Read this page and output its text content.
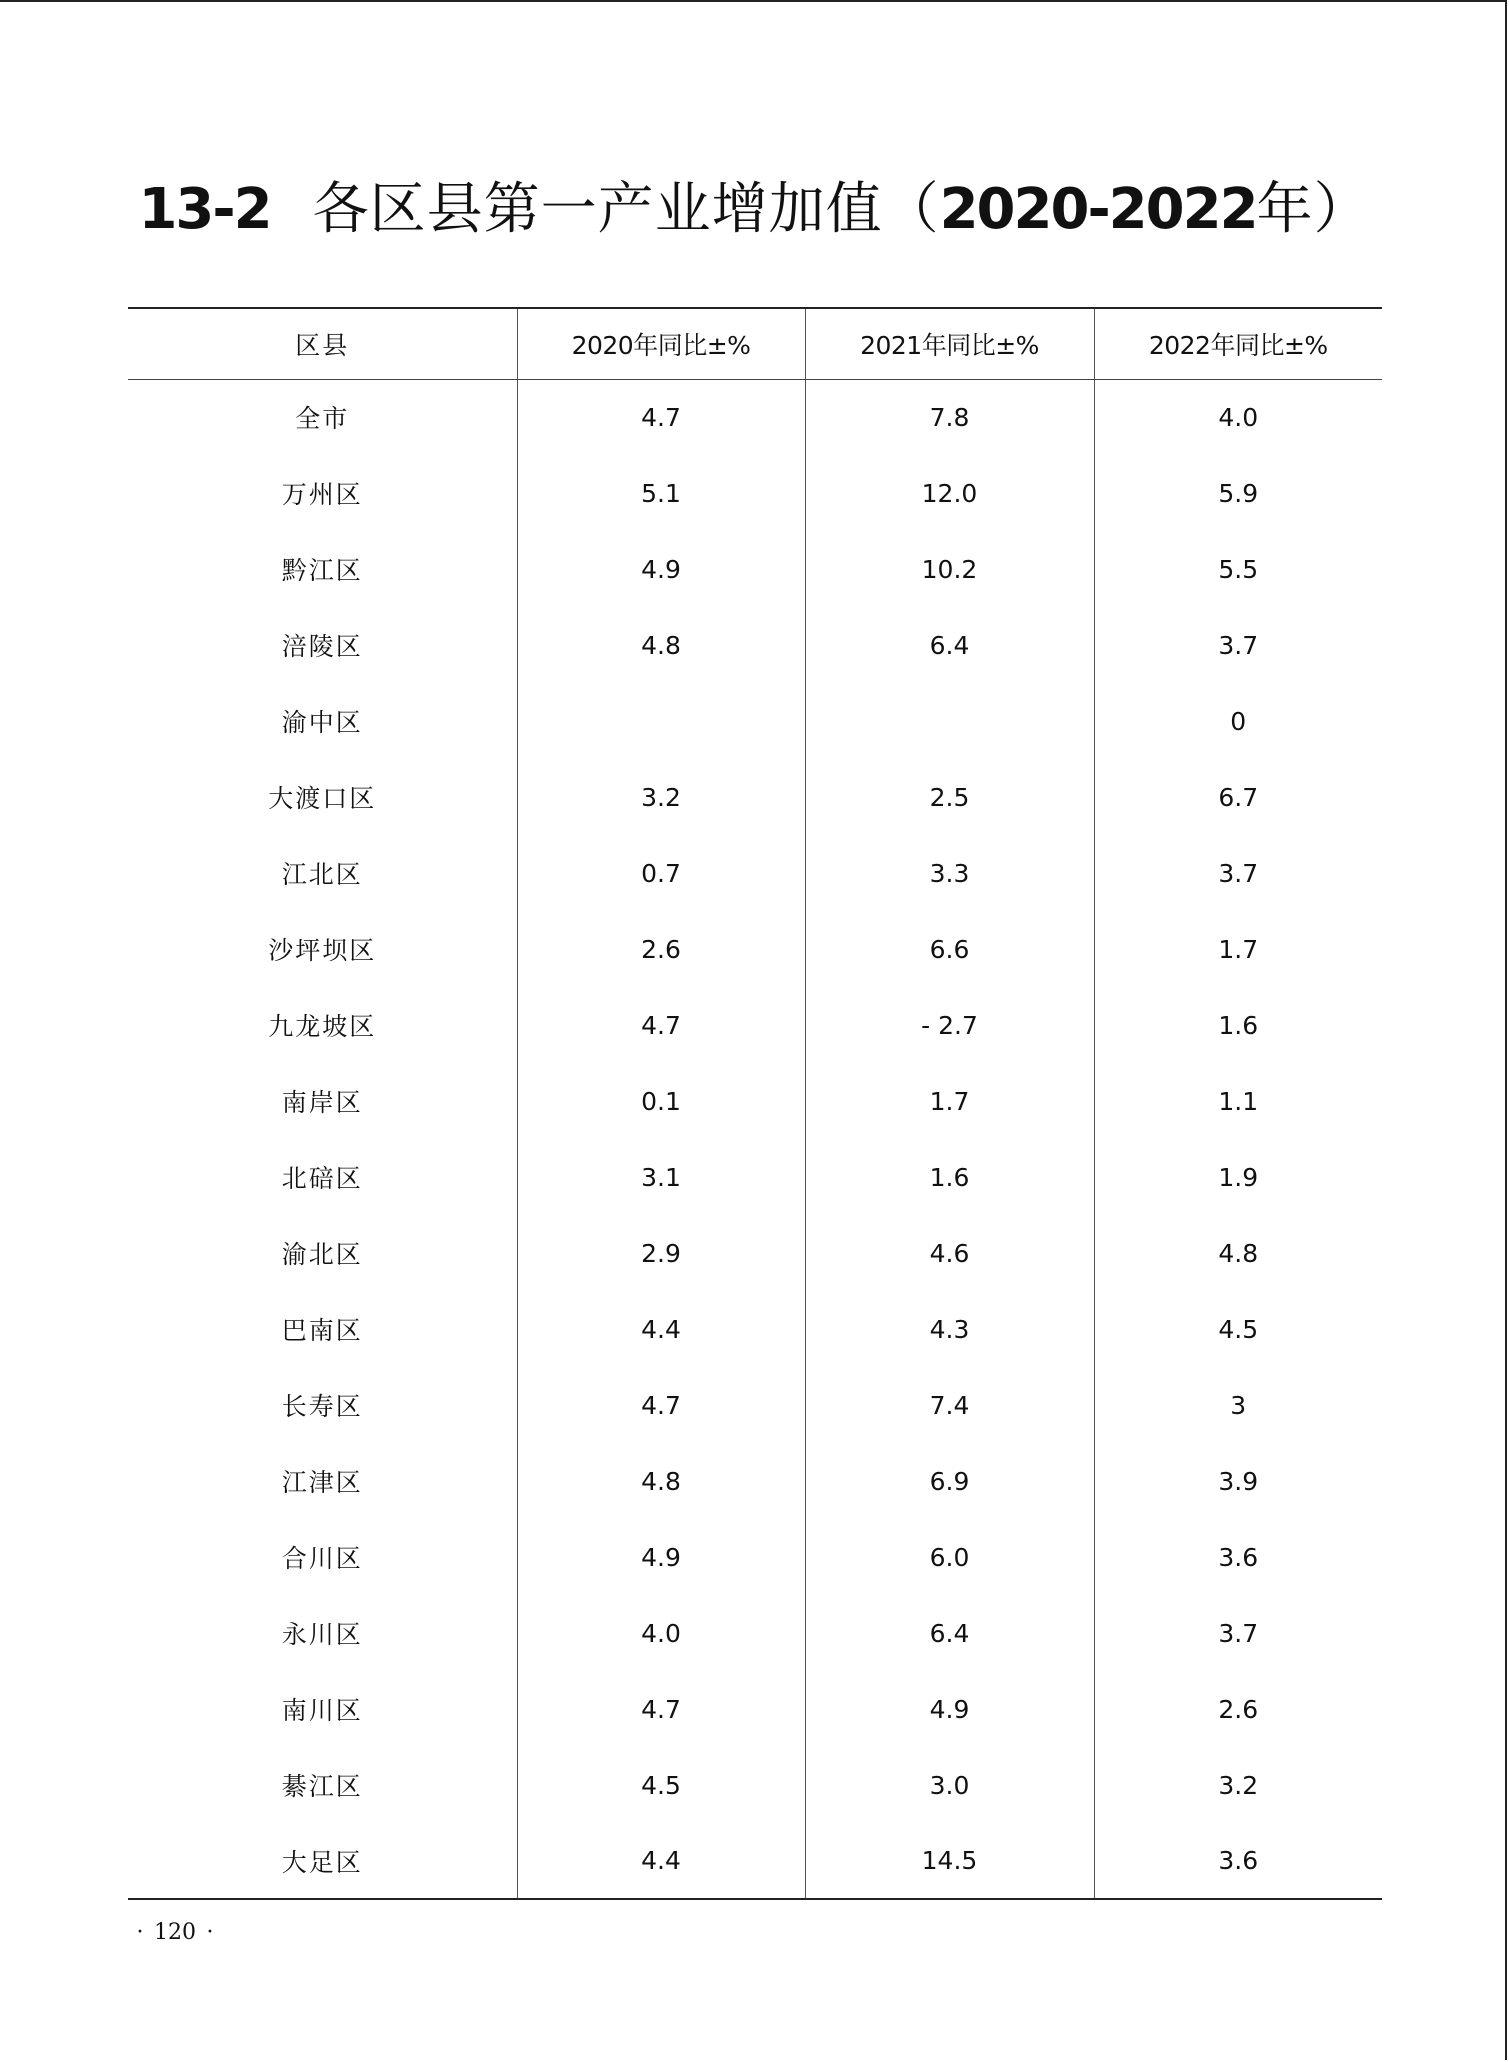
13-2 各区县第一产业增加值（2020-2022年）
区县	2020年同比±%	2021年同比±%	2022年同比±%
全市	4.7	7.8	4.0
万州区	5.1	12.0	5.9
黔江区	4.9	10.2	5.5
涪陵区	4.8	6.4	3.7
渝中区			0
大渡口区	3.2	2.5	6.7
江北区	0.7	3.3	3.7
沙坪坝区	2.6	6.6	1.7
九龙坡区	4.7	- 2.7	1.6
南岸区	0.1	1.7	1.1
北碚区	3.1	1.6	1.9
渝北区	2.9	4.6	4.8
巴南区	4.4	4.3	4.5
长寿区	4.7	7.4	3
江津区	4.8	6.9	3.9
合川区	4.9	6.0	3.6
永川区	4.0	6.4	3.7
南川区	4.7	4.9	2.6
綦江区	4.5	3.0	3.2
大足区	4.4	14.5	3.6
· 120 ·
